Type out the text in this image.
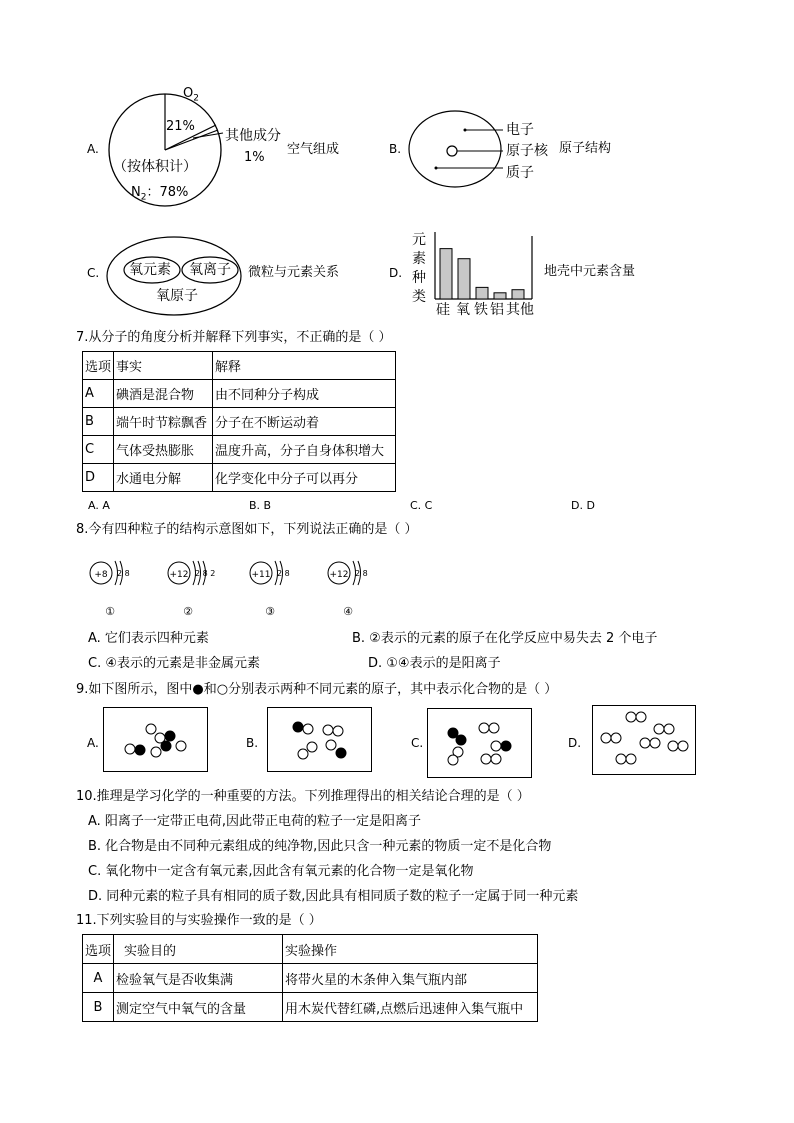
A.
$O_2$
21%
其他成分
1%
（按体积计）
$N_2$：78%
空气组成	B.
电子
原子核
质子
原子结构
C. 氧元素 氧离子
氧原子
微粒与元素关系	D.
元
素
种
类
硅 氧 铁 铝 其他
地壳中元素含量
7.从分子的角度分析并解释下列事实，不正确的是（ ）
选项	事实	解释
A	碘酒是混合物	由不同种分子构成
B	端午时节粽飘香	分子在不断运动着
C	气体受热膨胀	温度升高，分子自身体积增大
D	水通电分解	化学变化中分子可以再分
A. A	B. B	C. C	D. D
8.今有四种粒子的结构示意图如下，下列说法正确的是（ ）
+8 2 8
①
+12 2 8 2
②
+11 2 8
③
+12 2 8
④
A. 它们表示四种元素	B. ②表示的元素的原子在化学反应中易失去 2 个电子
C. ④表示的元素是非金属元素	D. ①④表示的是阳离子
9.如下图所示，图中●和○分别表示两种不同元素的原子，其中表示化合物的是（ ）
A.	B.	C.	D.
10.推理是学习化学的一种重要的方法。下列推理得出的相关结论合理的是（ ）
A. 阳离子一定带正电荷,因此带正电荷的粒子一定是阳离子
B. 化合物是由不同种元素组成的纯净物,因此只含一种元素的物质一定不是化合物
C. 氧化物中一定含有氧元素,因此含有氧元素的化合物一定是氧化物
D. 同种元素的粒子具有相同的质子数,因此具有相同质子数的粒子一定属于同一种元素
11.下列实验目的与实验操作一致的是（ ）
选项	实验目的	实验操作
A	检验氧气是否收集满	将带火星的木条伸入集气瓶内部
B	测定空气中氧气的含量	用木炭代替红磷,点燃后迅速伸入集气瓶中
